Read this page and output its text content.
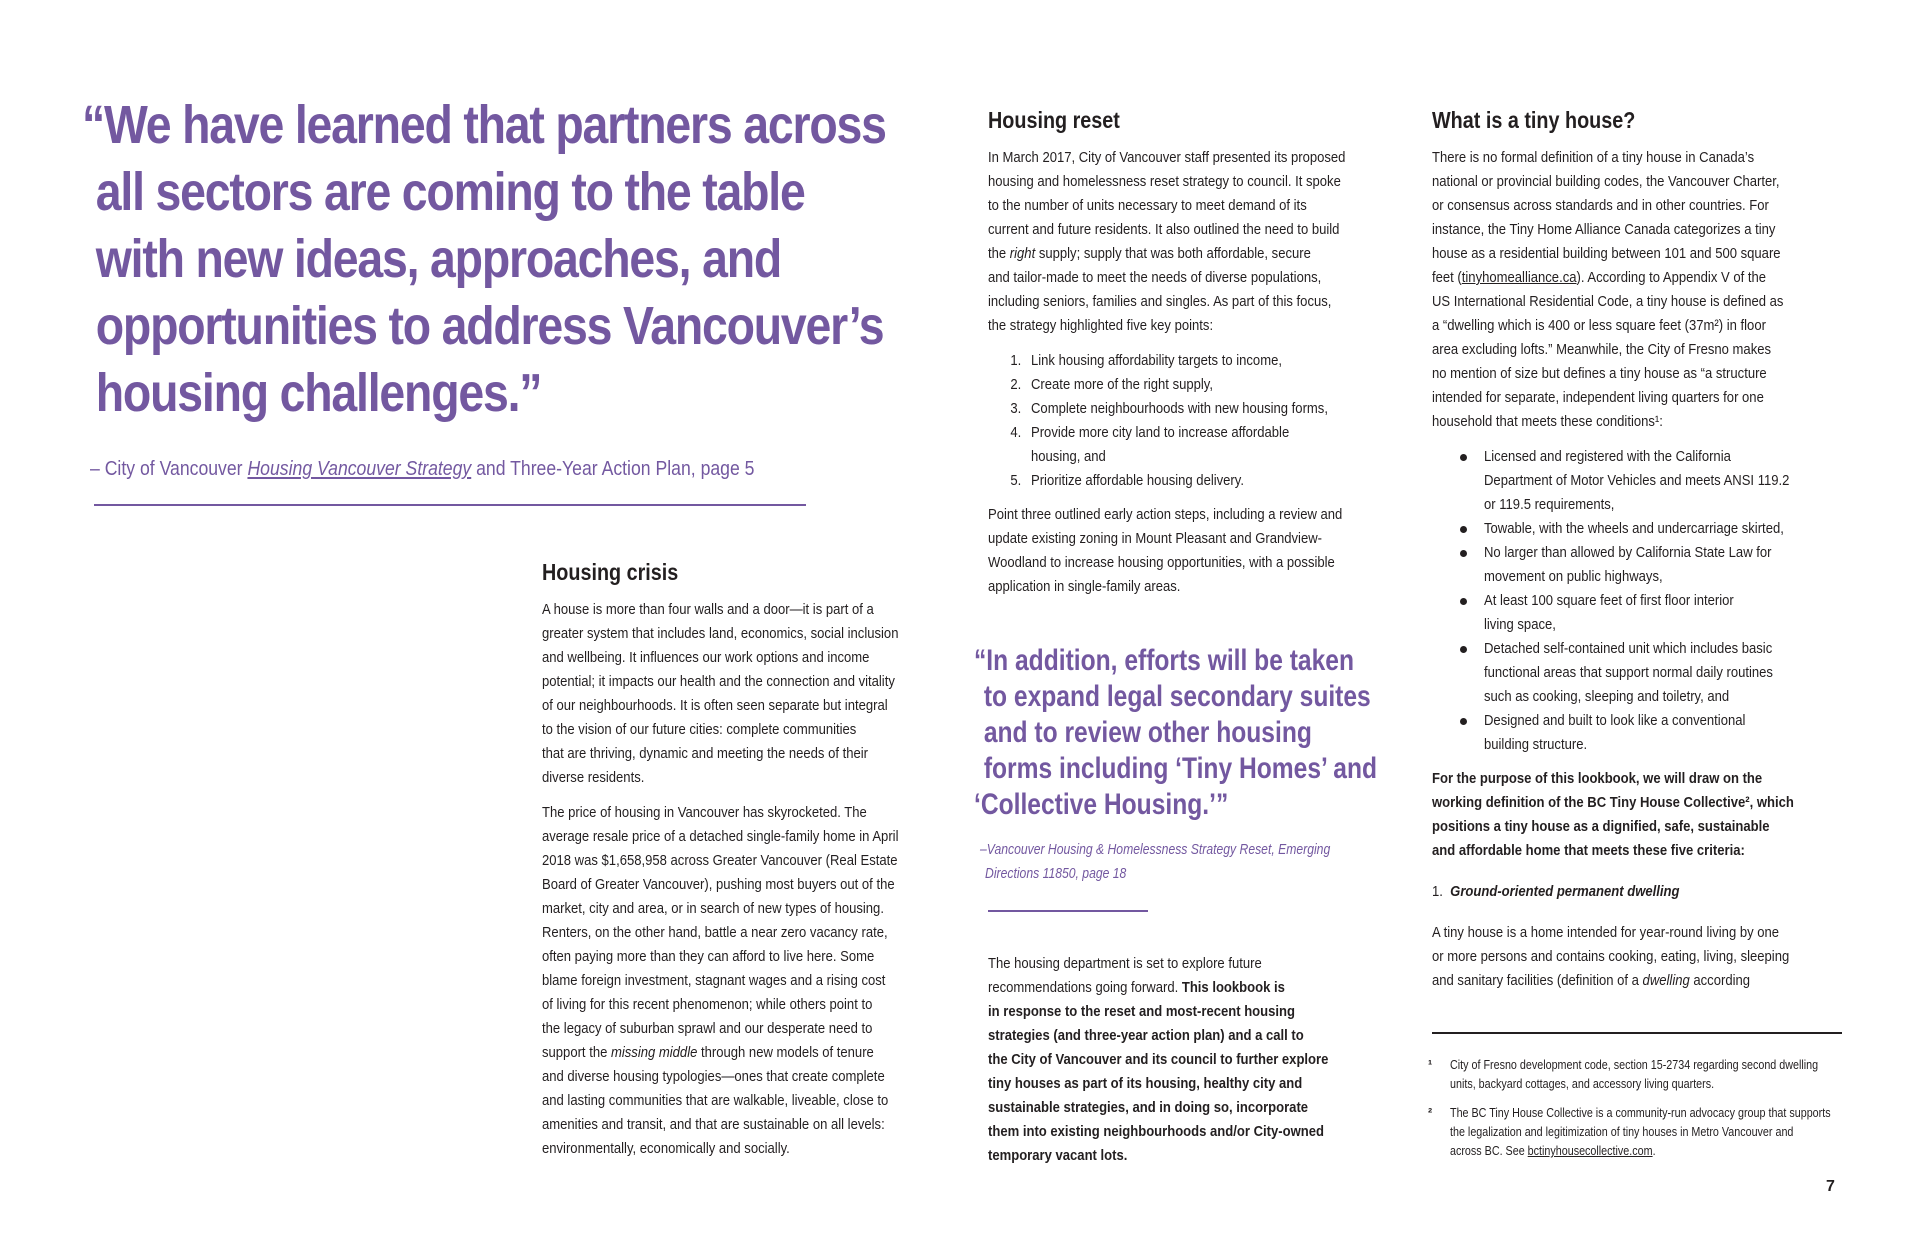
“We have learned that partners across
all sectors are coming to the table
with new ideas, approaches, and
opportunities to address Vancouver’s
housing challenges.”
– City of Vancouver Housing Vancouver Strategy and Three-Year Action Plan, page 5
Housing crisis

A house is more than four walls and a door—it is part of a
greater system that includes land, economics, social inclusion
and wellbeing. It influences our work options and income
potential; it impacts our health and the connection and vitality
of our neighbourhoods. It is often seen separate but integral
to the vision of our future cities: complete communities
that are thriving, dynamic and meeting the needs of their
diverse residents.

The price of housing in Vancouver has skyrocketed. The
average resale price of a detached single-family home in April
2018 was $1,658,958 across Greater Vancouver (Real Estate
Board of Greater Vancouver), pushing most buyers out of the
market, city and area, or in search of new types of housing.
Renters, on the other hand, battle a near zero vacancy rate,
often paying more than they can afford to live here. Some
blame foreign investment, stagnant wages and a rising cost
of living for this recent phenomenon; while others point to
the legacy of suburban sprawl and our desperate need to
support the missing middle through new models of tenure
and diverse housing typologies—ones that create complete
and lasting communities that are walkable, liveable, close to
amenities and transit, and that are sustainable on all levels:
environmentally, economically and socially.

Housing reset

In March 2017, City of Vancouver staff presented its proposed
housing and homelessness reset strategy to council. It spoke
to the number of units necessary to meet demand of its
current and future residents. It also outlined the need to build
the right supply; supply that was both affordable, secure
and tailor-made to meet the needs of diverse populations,
including seniors, families and singles. As part of this focus,
the strategy highlighted five key points:

1. Link housing affordability targets to income,
2. Create more of the right supply,
3. Complete neighbourhoods with new housing forms,
4. Provide more city land to increase affordable
housing, and
5. Prioritize affordable housing delivery.

Point three outlined early action steps, including a review and
update existing zoning in Mount Pleasant and Grandview-
Woodland to increase housing opportunities, with a possible
application in single-family areas.

“In addition, efforts will be taken
to expand legal secondary suites
and to review other housing
forms including ‘Tiny Homes’ and
‘Collective Housing.’”
–Vancouver Housing & Homelessness Strategy Reset, Emerging
Directions 11850, page 18
The housing department is set to explore future
recommendations going forward. This lookbook is
in response to the reset and most-recent housing
strategies (and three-year action plan) and a call to
the City of Vancouver and its council to further explore
tiny houses as part of its housing, healthy city and
sustainable strategies, and in doing so, incorporate
them into existing neighbourhoods and/or City-owned
temporary vacant lots.
What is a tiny house?

There is no formal definition of a tiny house in Canada’s
national or provincial building codes, the Vancouver Charter,
or consensus across standards and in other countries. For
instance, the Tiny Home Alliance Canada categorizes a tiny
house as a residential building between 101 and 500 square
feet (tinyhomealliance.ca). According to Appendix V of the
US International Residential Code, a tiny house is defined as
a “dwelling which is 400 or less square feet (37m²) in floor
area excluding lofts.” Meanwhile, the City of Fresno makes
no mention of size but defines a tiny house as “a structure
intended for separate, independent living quarters for one
household that meets these conditions¹:

Licensed and registered with the California
Department of Motor Vehicles and meets ANSI 119.2
or 119.5 requirements,
Towable, with the wheels and undercarriage skirted,
No larger than allowed by California State Law for
movement on public highways,
At least 100 square feet of first floor interior
living space,
Detached self-contained unit which includes basic
functional areas that support normal daily routines
such as cooking, sleeping and toiletry, and
Designed and built to look like a conventional
building structure.

For the purpose of this lookbook, we will draw on the
working definition of the BC Tiny House Collective², which
positions a tiny house as a dignified, safe, sustainable
and affordable home that meets these five criteria:

1. Ground-oriented permanent dwelling

A tiny house is a home intended for year-round living by one
or more persons and contains cooking, eating, living, sleeping
and sanitary facilities (definition of a dwelling according

¹ City of Fresno development code, section 15-2734 regarding second dwelling
units, backyard cottages, and accessory living quarters.
² The BC Tiny House Collective is a community-run advocacy group that supports
the legalization and legitimization of tiny houses in Metro Vancouver and
across BC. See bctinyhousecollective.com.
7
